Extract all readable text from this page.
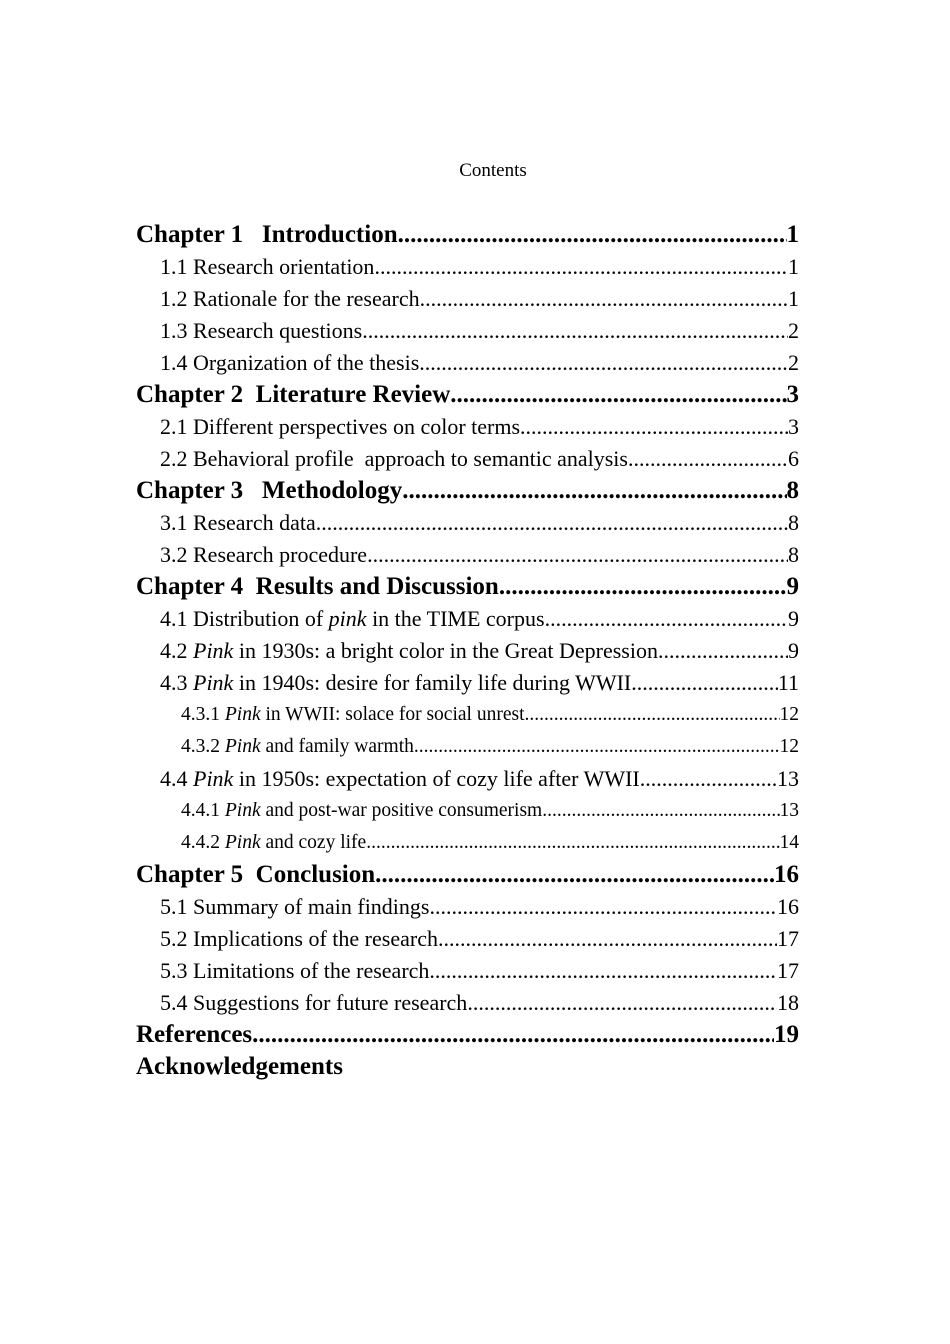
Contents
Chapter 1   Introduction .....	1
1.1 Research orientation .....	1
1.2 Rationale for the research .....	1
1.3 Research questions .....	2
1.4 Organization of the thesis .....	2
Chapter 2  Literature Review .....	3
2.1 Different perspectives on color terms .....	3
2.2 Behavioral profile  approach to semantic analysis .....	6
Chapter 3   Methodology .....	8
3.1 Research data .....	8
3.2 Research procedure .....	8
Chapter 4  Results and Discussion .....	9
4.1 Distribution of pink in the TIME corpus .....	9
4.2 Pink in 1930s: a bright color in the Great Depression .....	9
4.3 Pink in 1940s: desire for family life during WWII .....	11
4.3.1 Pink in WWII: solace for social unrest .....	12
4.3.2 Pink and family warmth .....	12
4.4 Pink in 1950s: expectation of cozy life after WWII .....	13
4.4.1 Pink and post-war positive consumerism .....	13
4.4.2 Pink and cozy life .....	14
Chapter 5  Conclusion .....	16
5.1 Summary of main findings .....	16
5.2 Implications of the research .....	17
5.3 Limitations of the research .....	17
5.4 Suggestions for future research .....	18
References .....	19
Acknowledgements
